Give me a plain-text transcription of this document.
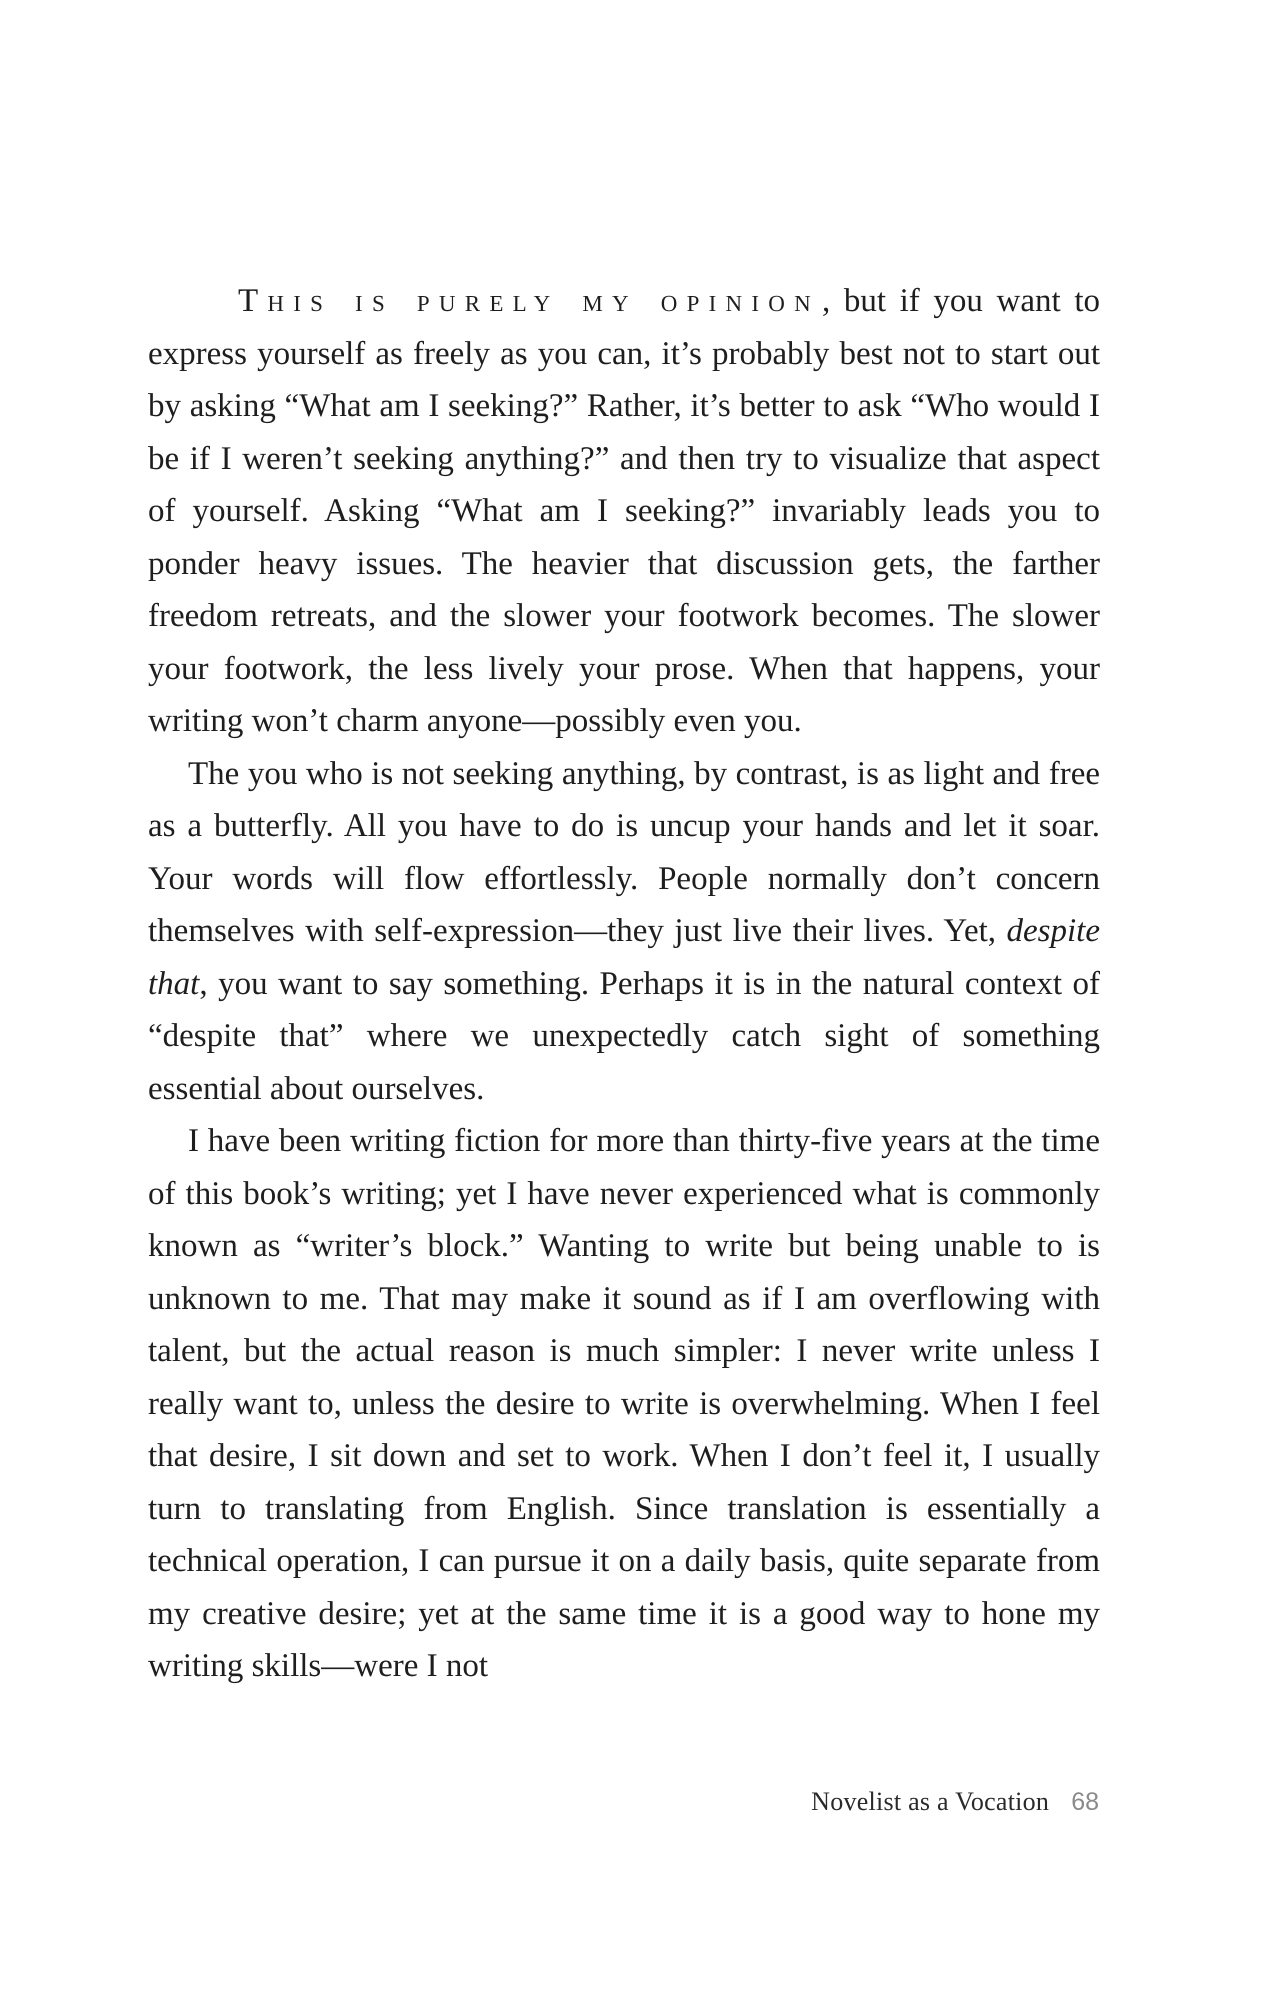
This is purely my opinion, but if you want to express yourself as freely as you can, it’s probably best not to start out by asking “What am I seeking?” Rather, it’s better to ask “Who would I be if I weren’t seeking anything?” and then try to visualize that aspect of yourself. Asking “What am I seeking?” invariably leads you to ponder heavy issues. The heavier that discussion gets, the farther freedom retreats, and the slower your footwork becomes. The slower your footwork, the less lively your prose. When that happens, your writing won’t charm anyone—possibly even you.

The you who is not seeking anything, by contrast, is as light and free as a butterfly. All you have to do is uncup your hands and let it soar. Your words will flow effortlessly. People normally don’t concern themselves with self-expression—they just live their lives. Yet, despite that, you want to say something. Perhaps it is in the natural context of “despite that” where we unexpectedly catch sight of something essential about ourselves.

I have been writing fiction for more than thirty-five years at the time of this book’s writing; yet I have never experienced what is commonly known as “writer’s block.” Wanting to write but being unable to is unknown to me. That may make it sound as if I am overflowing with talent, but the actual reason is much simpler: I never write unless I really want to, unless the desire to write is overwhelming. When I feel that desire, I sit down and set to work. When I don’t feel it, I usually turn to translating from English. Since translation is essentially a technical operation, I can pursue it on a daily basis, quite separate from my creative desire; yet at the same time it is a good way to hone my writing skills—were I not

Novelist as a Vocation 68
